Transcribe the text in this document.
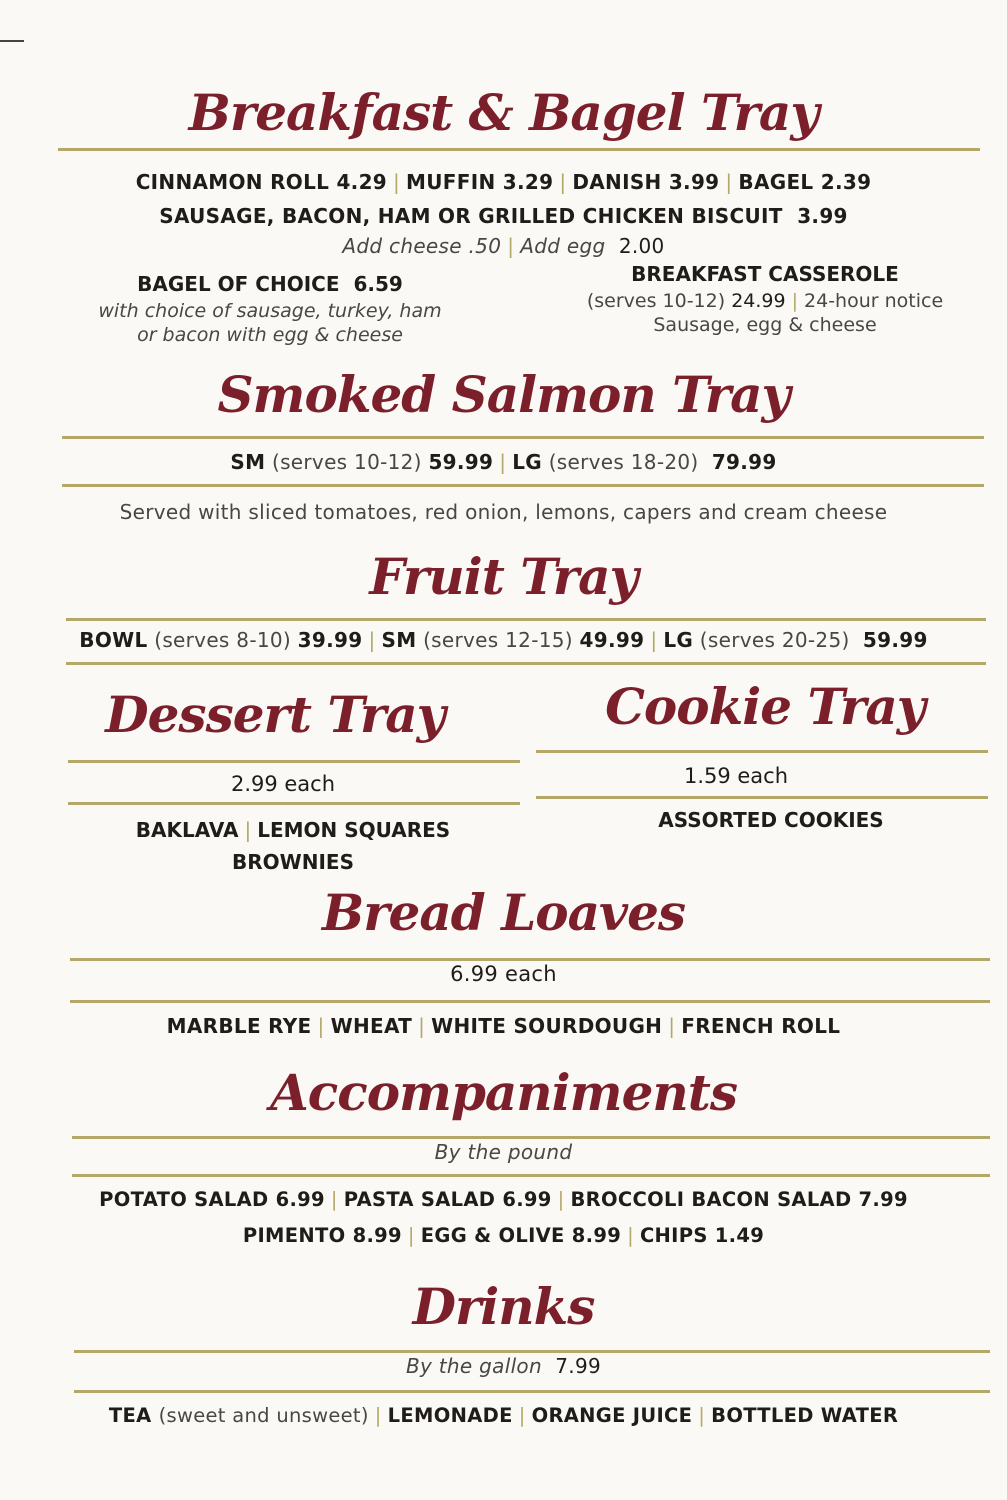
Breakfast & Bagel Tray
CINNAMON ROLL 4.29 | MUFFIN 3.29 | DANISH 3.99 | BAGEL 2.39
SAUSAGE, BACON, HAM OR GRILLED CHICKEN BISCUIT 3.99
Add cheese .50 | Add egg 2.00
BAGEL OF CHOICE 6.59
with choice of sausage, turkey, ham
or bacon with egg & cheese
BREAKFAST CASSEROLE
(serves 10-12) 24.99 | 24-hour notice
Sausage, egg & cheese
Smoked Salmon Tray
SM (serves 10-12) 59.99 | LG (serves 18-20) 79.99
Served with sliced tomatoes, red onion, lemons, capers and cream cheese
Fruit Tray
BOWL (serves 8-10) 39.99 | SM (serves 12-15) 49.99 | LG (serves 20-25) 59.99
Dessert Tray
2.99 each
BAKLAVA | LEMON SQUARES
BROWNIES
Cookie Tray
1.59 each
ASSORTED COOKIES
Bread Loaves
6.99 each
MARBLE RYE | WHEAT | WHITE SOURDOUGH | FRENCH ROLL
Accompaniments
By the pound
POTATO SALAD 6.99 | PASTA SALAD 6.99 | BROCCOLI BACON SALAD 7.99
PIMENTO 8.99 | EGG & OLIVE 8.99 | CHIPS 1.49
Drinks
By the gallon 7.99
TEA (sweet and unsweet) | LEMONADE | ORANGE JUICE | BOTTLED WATER
